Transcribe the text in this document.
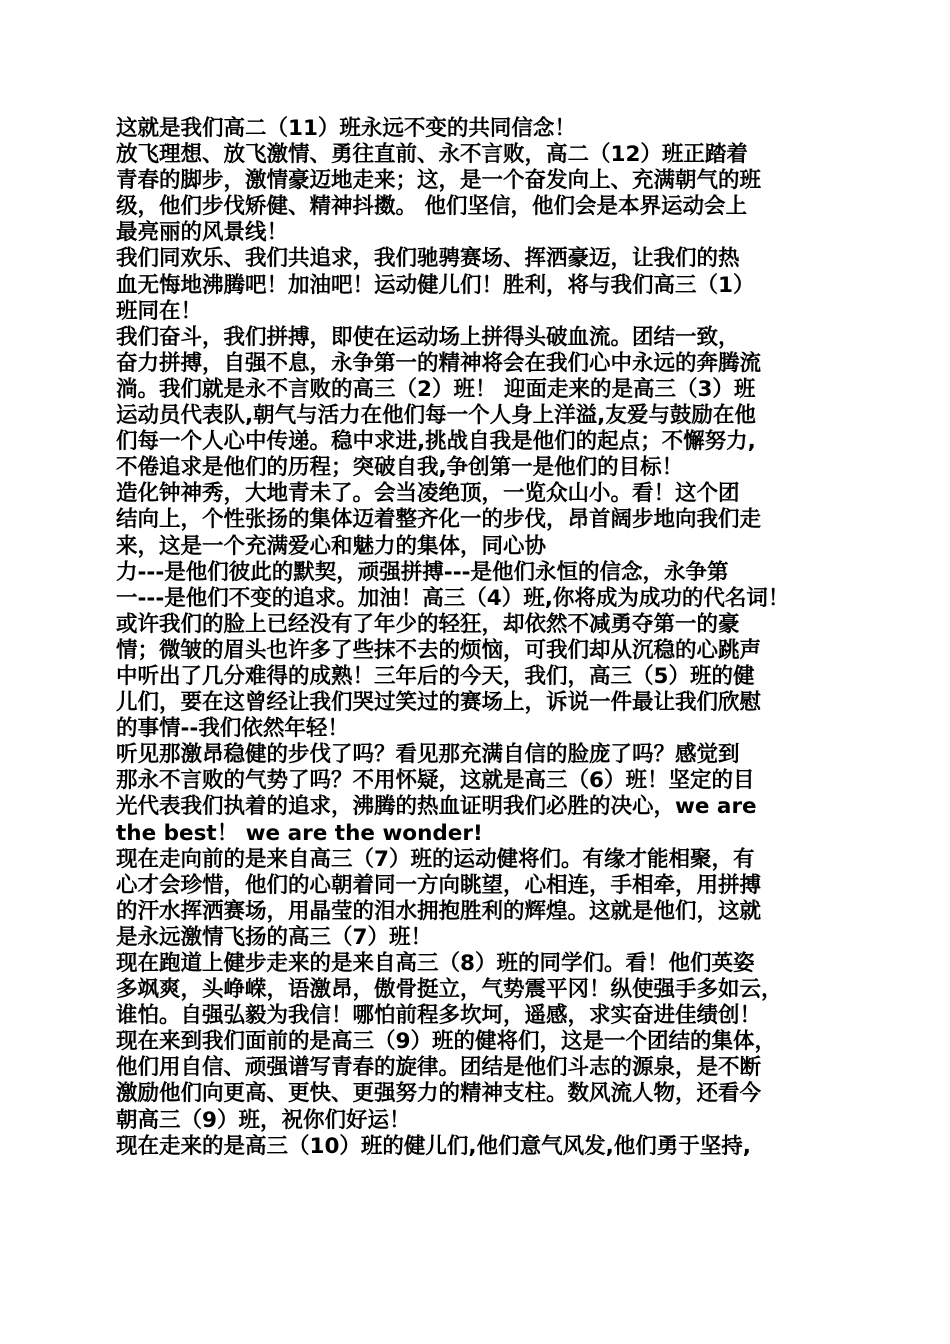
这就是我们高二（11）班永远不变的共同信念！
放飞理想、放飞激情、勇往直前、永不言败，高二（12）班正踏着
青春的脚步，激情豪迈地走来；这，是一个奋发向上、充满朝气的班
级，他们步伐矫健、精神抖擞。 他们坚信，他们会是本界运动会上
最亮丽的风景线！
我们同欢乐、我们共追求，我们驰骋赛场、挥洒豪迈，让我们的热
血无悔地沸腾吧！加油吧！运动健儿们！胜利，将与我们高三（1）
班同在！
我们奋斗，我们拼搏，即使在运动场上拼得头破血流。团结一致，
奋力拼搏，自强不息，永争第一的精神将会在我们心中永远的奔腾流
淌。我们就是永不言败的高三（2）班！ 迎面走来的是高三（3）班
运动员代表队,朝气与活力在他们每一个人身上洋溢,友爱与鼓励在他
们每一个人心中传递。稳中求进,挑战自我是他们的起点；不懈努力,
不倦追求是他们的历程；突破自我,争创第一是他们的目标！
造化钟神秀，大地青未了。会当凌绝顶，一览众山小。看！这个团
结向上，个性张扬的集体迈着整齐化一的步伐，昂首阔步地向我们走
来，这是一个充满爱心和魅力的集体，同心协
力---是他们彼此的默契，顽强拼搏---是他们永恒的信念，永争第
一---是他们不变的追求。加油！高三（4）班,你将成为成功的代名词！
或许我们的脸上已经没有了年少的轻狂，却依然不减勇夺第一的豪
情；微皱的眉头也许多了些抹不去的烦恼，可我们却从沉稳的心跳声
中听出了几分难得的成熟！三年后的今天，我们，高三（5）班的健
儿们，要在这曾经让我们哭过笑过的赛场上，诉说一件最让我们欣慰
的事情--我们依然年轻！
听见那激昂稳健的步伐了吗？看见那充满自信的脸庞了吗？感觉到
那永不言败的气势了吗？不用怀疑，这就是高三（6）班！坚定的目
光代表我们执着的追求，沸腾的热血证明我们必胜的决心，we are
the best！ we are the wonder!
现在走向前的是来自高三（7）班的运动健将们。有缘才能相聚，有
心才会珍惜，他们的心朝着同一方向眺望，心相连，手相牵，用拼搏
的汗水挥洒赛场，用晶莹的泪水拥抱胜利的辉煌。这就是他们，这就
是永远激情飞扬的高三（7）班！
现在跑道上健步走来的是来自高三（8）班的同学们。看！他们英姿
多飒爽，头峥嵘，语激昂，傲骨挺立，气势震平冈！纵使强手多如云，
谁怕。自强弘毅为我信！哪怕前程多坎坷，遥感，求实奋进佳绩创！
现在来到我们面前的是高三（9）班的健将们，这是一个团结的集体，
他们用自信、顽强谱写青春的旋律。团结是他们斗志的源泉，是不断
激励他们向更高、更快、更强努力的精神支柱。数风流人物，还看今
朝高三（9）班，祝你们好运！
现在走来的是高三（10）班的健儿们,他们意气风发,他们勇于坚持,
